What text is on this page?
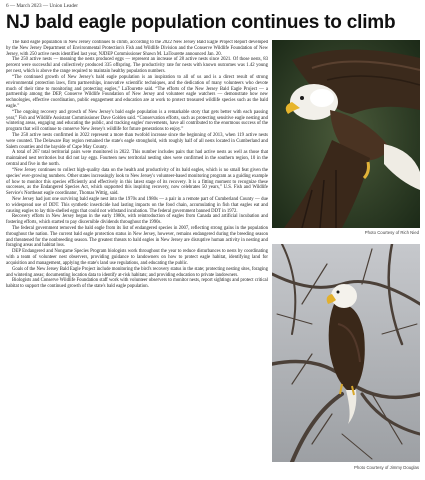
6 — March 2023 — Union Leader
NJ bald eagle population continues to climb

The bald eagle population in New Jersey continues to climb, according to the 2022 New Jersey Bald Eagle Project Report developed by the New Jersey Department of Environmental Protection's Fish and Wildlife Division and the Conserve Wildlife Foundation of New Jersey, with 250 active nests identified last year, NJDEP Commissioner Shawn M. LaTourette announced Jan. 20.

The 250 active nests — meaning the nests produced eggs — represent an increase of 28 active nests since 2021. Of those nests, 83 percent were successful and collectively produced 335 offspring. The productivity rate for nests with known outcomes was 1.42 young per nest, which is above the range required to maintain healthy population numbers.

“The continued growth of New Jersey's bald eagle population is an inspiration to all of us and is a direct result of strong environmental protection laws, firm partnerships, innovative scientific techniques, and the dedication of many volunteers who devote much of their time to monitoring and protecting eagles,” LaTourette said. “The efforts of the New Jersey Bald Eagle Project — a partnership among the DEP, Conserve Wildlife Foundation of New Jersey and volunteer eagle watchers — demonstrate how new technologies, effective coordination, public engagement and education are at work to protect treasured wildlife species such as the bald eagle.”

“The ongoing recovery and growth of New Jersey's bald eagle population is a remarkable story that gets better with each passing year,” Fish and Wildlife Assistant Commissioner Dave Golden said. “Conservation efforts, such as protecting sensitive eagle nesting and wintering areas, engaging and educating the public, and tracking eagles' movements, have all contributed to the enormous success of the program that will continue to conserve New Jersey's wildlife for future generations to enjoy.”

The 250 active nests confirmed in 2022 represent a more than twofold increase since the beginning of 2013, when 119 active nests were counted. The Delaware Bay region remained the state's eagle stronghold, with roughly half of all nests located in Cumberland and Salem counties and the bayside of Cape May County.

A total of 267 total territorial pairs were monitored in 2022. This number includes pairs that had active nests as well as those that maintained nest territories but did not lay eggs. Fourteen new territorial nesting sites were confirmed in the southern region, 10 in the central and five in the north.

“New Jersey continues to collect high-quality data on the health and productivity of its bald eagles, which is no small feat given the species' ever-growing numbers. Other states increasingly look to New Jersey's volunteer-based monitoring program as a guiding example of how to monitor this species efficiently and effectively in this latest stage of its recovery. It is a fitting moment to recognize these successes, as the Endangered Species Act, which supported this inspiring recovery, now celebrates 50 years,” U.S. Fish and Wildlife Service's Northeast eagle coordinator, Thomas Wittig, said.

New Jersey had just one surviving bald eagle nest into the 1970s and 1980s — a pair in a remote part of Cumberland County — due to widespread use of DDT. This synthetic insecticide had lasting impacts on the food chain, accumulating in fish that eagles eat and causing eagles to lay thin-shelled eggs that could not withstand incubation. The federal government banned DDT in 1972.

Recovery efforts in New Jersey began in the early 1980s, with reintroduction of eagles from Canada and artificial incubation and fostering efforts, which started to pay discernible dividends throughout the 1990s.

The federal government removed the bald eagle from its list of endangered species in 2007, reflecting strong gains in the population throughout the nation. The current bald eagle protection status in New Jersey, however, remains endangered during the breeding season and threatened for the nonbreeding season. The greatest threats to bald eagles in New Jersey are disruptive human activity in nesting and foraging areas and habitat loss.

DEP Endangered and Nongame Species Program biologists work throughout the year to reduce disturbances to nests by coordinating with a team of volunteer nest observers, providing guidance to landowners on how to protect eagle habitat, identifying land for acquisition and management, applying the state's land use regulations, and educating the public.

Goals of the New Jersey Bald Eagle Project include monitoring the bird's recovery status in the state; protecting nesting sites, foraging and wintering areas; documenting location data to identify at-risk habitats; and providing education to private landowners.

Biologists and Conserve Wildlife Foundation staff work with volunteer observers to monitor nests, report sightings and protect critical habitat to support the continued growth of the state's bald eagle population.

Photo Courtesy of Rich Nied
Photo Courtesy of Jimmy Douglas
